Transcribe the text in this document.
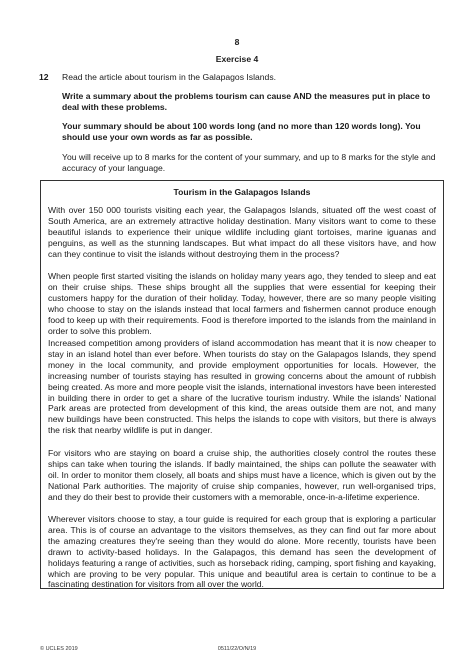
8
Exercise 4
12 Read the article about tourism in the Galapagos Islands.
Write a summary about the problems tourism can cause AND the measures put in place to deal with these problems.
Your summary should be about 100 words long (and no more than 120 words long). You should use your own words as far as possible.
You will receive up to 8 marks for the content of your summary, and up to 8 marks for the style and accuracy of your language.
Tourism in the Galapagos Islands
With over 150 000 tourists visiting each year, the Galapagos Islands, situated off the west coast of South America, are an extremely attractive holiday destination. Many visitors want to come to these beautiful islands to experience their unique wildlife including giant tortoises, marine iguanas and penguins, as well as the stunning landscapes. But what impact do all these visitors have, and how can they continue to visit the islands without destroying them in the process?
When people first started visiting the islands on holiday many years ago, they tended to sleep and eat on their cruise ships. These ships brought all the supplies that were essential for keeping their customers happy for the duration of their holiday. Today, however, there are so many people visiting who choose to stay on the islands instead that local farmers and fishermen cannot produce enough food to keep up with their requirements. Food is therefore imported to the islands from the mainland in order to solve this problem.
Increased competition among providers of island accommodation has meant that it is now cheaper to stay in an island hotel than ever before. When tourists do stay on the Galapagos Islands, they spend money in the local community, and provide employment opportunities for locals. However, the increasing number of tourists staying has resulted in growing concerns about the amount of rubbish being created. As more and more people visit the islands, international investors have been interested in building there in order to get a share of the lucrative tourism industry. While the islands' National Park areas are protected from development of this kind, the areas outside them are not, and many new buildings have been constructed. This helps the islands to cope with visitors, but there is always the risk that nearby wildlife is put in danger.
For visitors who are staying on board a cruise ship, the authorities closely control the routes these ships can take when touring the islands. If badly maintained, the ships can pollute the seawater with oil. In order to monitor them closely, all boats and ships must have a licence, which is given out by the National Park authorities. The majority of cruise ship companies, however, run well-organised trips, and they do their best to provide their customers with a memorable, once-in-a-lifetime experience.
Wherever visitors choose to stay, a tour guide is required for each group that is exploring a particular area. This is of course an advantage to the visitors themselves, as they can find out far more about the amazing creatures they're seeing than they would do alone. More recently, tourists have been drawn to activity-based holidays. In the Galapagos, this demand has seen the development of holidays featuring a range of activities, such as horseback riding, camping, sport fishing and kayaking, which are proving to be very popular. This unique and beautiful area is certain to continue to be a fascinating destination for visitors from all over the world.
© UCLES 2019	0511/22/O/N/19
